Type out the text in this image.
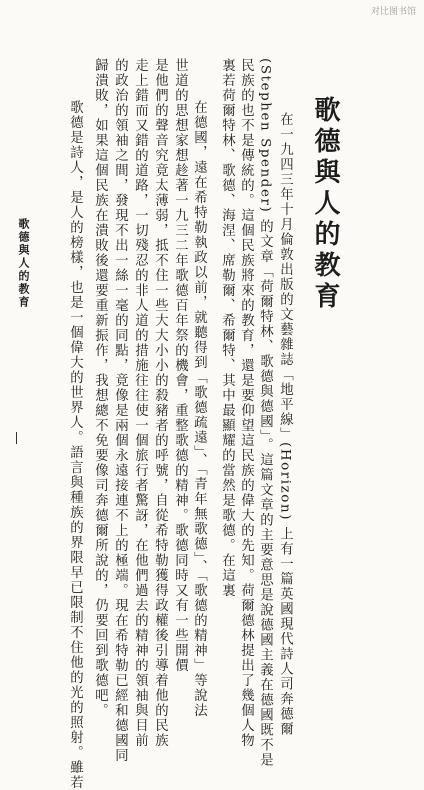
对比图书馆
歌德與人的教育
在一九四三年十月倫敦出版的文藝雜誌「地平線」(Horizon) 上有一篇英國現代詩人司奔德爾
(Stephen Spender) 的文章「荷爾特林、歌德與德國」。這篇文章的主要意思是說德國主義在德國既不是
民族的也不是傳統的。這個民族將來的教育，還是要仰望這民族的偉大的先知。荷爾德林提出了幾個人物
裏若荷爾特林、歌德、海涅、席勒爾、希爾特、其中最顯耀的當然是歌德。在這裏
在德國，遠在希特勒執政以前，就聽得到「歌德疏遠」、「青年無歌德」、「歌德的精神」等說法
世道的思想家想趁著一九三二年歌德百年祭的機會，重整歌德的精神。歌德同時又有一些開價
是他們的聲音究竟太薄弱，抵不住一些大大小小的殺豬者的呼號，自從希特勒獲得政權後引導着他的民族
走上錯而又錯的道路，一切殘忍的非人道的措施往往使一個旅行者驚訝，在他們過去的精神的領袖與目前
的政治的領袖之間，發現不出一絲一毫的同點，竟像是兩個永遠接連不上的極端。現在希特勒已經和德國同
歸潰敗，如果這個民族在潰敗後還要重新振作，我想總不免要像司奔德爾所說的，仍要回到歌德吧。
歌德是詩人，是人的榜樣，也是一個偉大的世界人。語言與種族的界限早已限制不住他的光的照射。雖若
歌德與人的教育
